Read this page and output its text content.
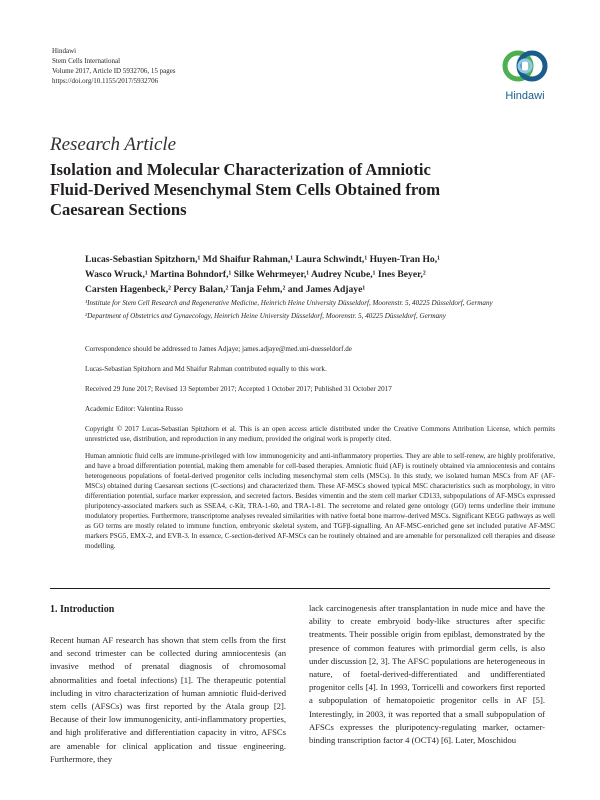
Hindawi
Stem Cells International
Volume 2017, Article ID 5932706, 15 pages
https://doi.org/10.1155/2017/5932706
Hindawi
Research Article
Isolation and Molecular Characterization of Amniotic
Fluid-Derived Mesenchymal Stem Cells Obtained from
Caesarean Sections
Lucas-Sebastian Spitzhorn,¹ Md Shaifur Rahman,¹ Laura Schwindt,¹ Huyen-Tran Ho,¹
Wasco Wruck,¹ Martina Bohndorf,¹ Silke Wehrmeyer,¹ Audrey Ncube,¹ Ines Beyer,²
Carsten Hagenbeck,² Percy Balan,² Tanja Fehm,² and James Adjaye¹

¹Institute for Stem Cell Research and Regenerative Medicine, Heinrich Heine University Düsseldorf, Moorenstr. 5, 40225 Düsseldorf, Germany

²Department of Obstetrics and Gynaecology, Heinrich Heine University Düsseldorf, Moorenstr. 5, 40225 Düsseldorf, Germany

Correspondence should be addressed to James Adjaye; james.adjaye@med.uni-duesseldorf.de
Lucas-Sebastian Spitzhorn and Md Shaifur Rahman contributed equally to this work.
Received 29 June 2017; Revised 13 September 2017; Accepted 1 October 2017; Published 31 October 2017
Academic Editor: Valentina Russo
Copyright © 2017 Lucas-Sebastian Spitzhorn et al. This is an open access article distributed under the Creative Commons Attribution License, which permits unrestricted use, distribution, and reproduction in any medium, provided the original work is properly cited.
Human amniotic fluid cells are immune-privileged with low immunogenicity and anti-inflammatory properties. They are able to self-renew, are highly proliferative, and have a broad differentiation potential, making them amenable for cell-based therapies. Amniotic fluid (AF) is routinely obtained via amniocentesis and contains heterogeneous populations of foetal-derived progenitor cells including mesenchymal stem cells (MSCs). In this study, we isolated human MSCs from AF (AF-MSCs) obtained during Caesarean sections (C-sections) and characterized them. These AF-MSCs showed typical MSC characteristics such as morphology, in vitro differentiation potential, surface marker expression, and secreted factors. Besides vimentin and the stem cell marker CD133, subpopulations of AF-MSCs expressed pluripotency-associated markers such as SSEA4, c-Kit, TRA-1-60, and TRA-1-81. The secretome and related gene ontology (GO) terms underline their immune modulatory properties. Furthermore, transcriptome analyses revealed similarities with native foetal bone marrow-derived MSCs. Significant KEGG pathways as well as GO terms are mostly related to immune function, embryonic skeletal system, and TGFβ-signalling. An AF-MSC-enriched gene set included putative AF-MSC markers PSG5, EMX-2, and EVR-3. In essence, C-section-derived AF-MSCs can be routinely obtained and are amenable for personalized cell therapies and disease modelling.
1. Introduction

Recent human AF research has shown that stem cells from the first and second trimester can be collected during amniocentesis (an invasive method of prenatal diagnosis of chromosomal abnormalities and foetal infections) [1]. The therapeutic potential including in vitro characterization of human amniotic fluid-derived stem cells (AFSCs) was first reported by the Atala group [2]. Because of their low immunogenicity, anti-inflammatory properties, and high proliferative and differentiation capacity in vitro, AFSCs are amenable for clinical application and tissue engineering. Furthermore, they

lack carcinogenesis after transplantation in nude mice and have the ability to create embryoid body-like structures after specific treatments. Their possible origin from epiblast, demonstrated by the presence of common features with primordial germ cells, is also under discussion [2, 3]. The AFSC populations are heterogeneous in nature, of foetal-derived-differentiated and undifferentiated progenitor cells [4]. In 1993, Torricelli and coworkers first reported a subpopulation of hematopoietic progenitor cells in AF [5]. Interestingly, in 2003, it was reported that a small subpopulation of AFSCs expresses the pluripotency-regulating marker, octamer-binding transcription factor 4 (OCT4) [6]. Later, Moschidou
